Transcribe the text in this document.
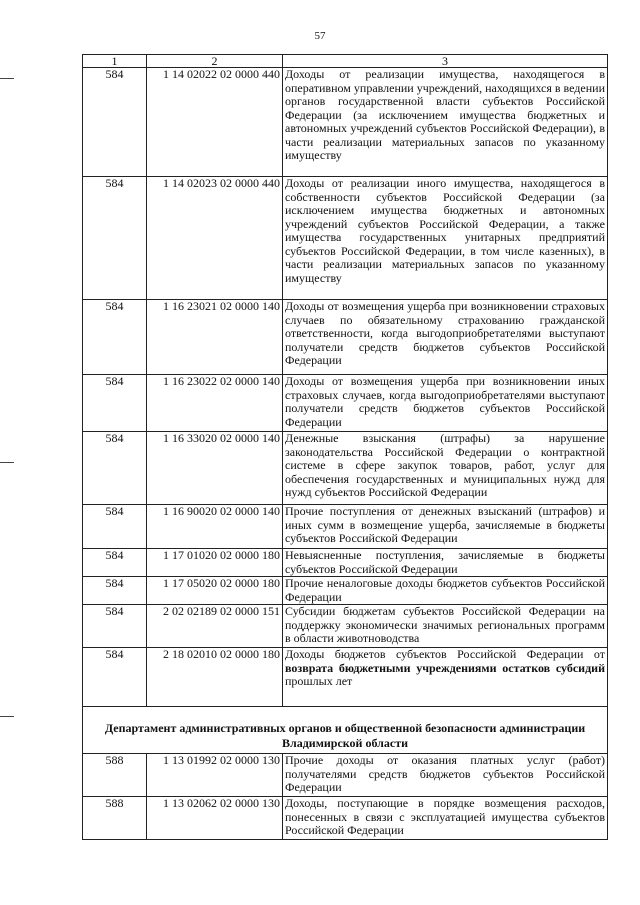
57
1	2	3
584	1 14 02022 02 0000 440	Доходы от реализации имущества, находящегося в оперативном управлении учреждений, находящихся в ведении органов государственной власти субъектов Российской Федерации (за исключением имущества бюджетных и автономных учреждений субъектов Российской Федерации), в части реализации материальных запасов по указанному имуществу
584	1 14 02023 02 0000 440	Доходы от реализации иного имущества, находящегося в собственности субъектов Российской Федерации (за исключением имущества бюджетных и автономных учреждений субъектов Российской Федерации, а также имущества государственных унитарных предприятий субъектов Российской Федерации, в том числе казенных), в части реализации материальных запасов по указанному имуществу
584	1 16 23021 02 0000 140	Доходы от возмещения ущерба при возникновении страховых случаев по обязательному страхованию гражданской ответственности, когда выгодоприобретателями выступают получатели средств бюджетов субъектов Российской Федерации
584	1 16 23022 02 0000 140	Доходы от возмещения ущерба при возникновении иных страховых случаев, когда выгодоприобретателями выступают получатели средств бюджетов субъектов Российской Федерации
584	1 16 33020 02 0000 140	Денежные взыскания (штрафы) за нарушение законодательства Российской Федерации о контрактной системе в сфере закупок товаров, работ, услуг для обеспечения государственных и муниципальных нужд для нужд субъектов Российской Федерации
584	1 16 90020 02 0000 140	Прочие поступления от денежных взысканий (штрафов) и иных сумм в возмещение ущерба, зачисляемые в бюджеты субъектов Российской Федерации
584	1 17 01020 02 0000 180	Невыясненные поступления, зачисляемые в бюджеты субъектов Российской Федерации
584	1 17 05020 02 0000 180	Прочие неналоговые доходы бюджетов субъектов Российской Федерации
584	2 02 02189 02 0000 151	Субсидии бюджетам субъектов Российской Федерации на поддержку экономически значимых региональных программ в области животноводства
584	2 18 02010 02 0000 180	Доходы бюджетов субъектов Российской Федерации от возврата бюджетными учреждениями остатков субсидий прошлых лет
Департамент административных органов и общественной безопасности администрации Владимирской области		
588	1 13 01992 02 0000 130	Прочие доходы от оказания платных услуг (работ) получателями средств бюджетов субъектов Российской Федерации
588	1 13 02062 02 0000 130	Доходы, поступающие в порядке возмещения расходов, понесенных в связи с эксплуатацией имущества субъектов Российской Федерации
